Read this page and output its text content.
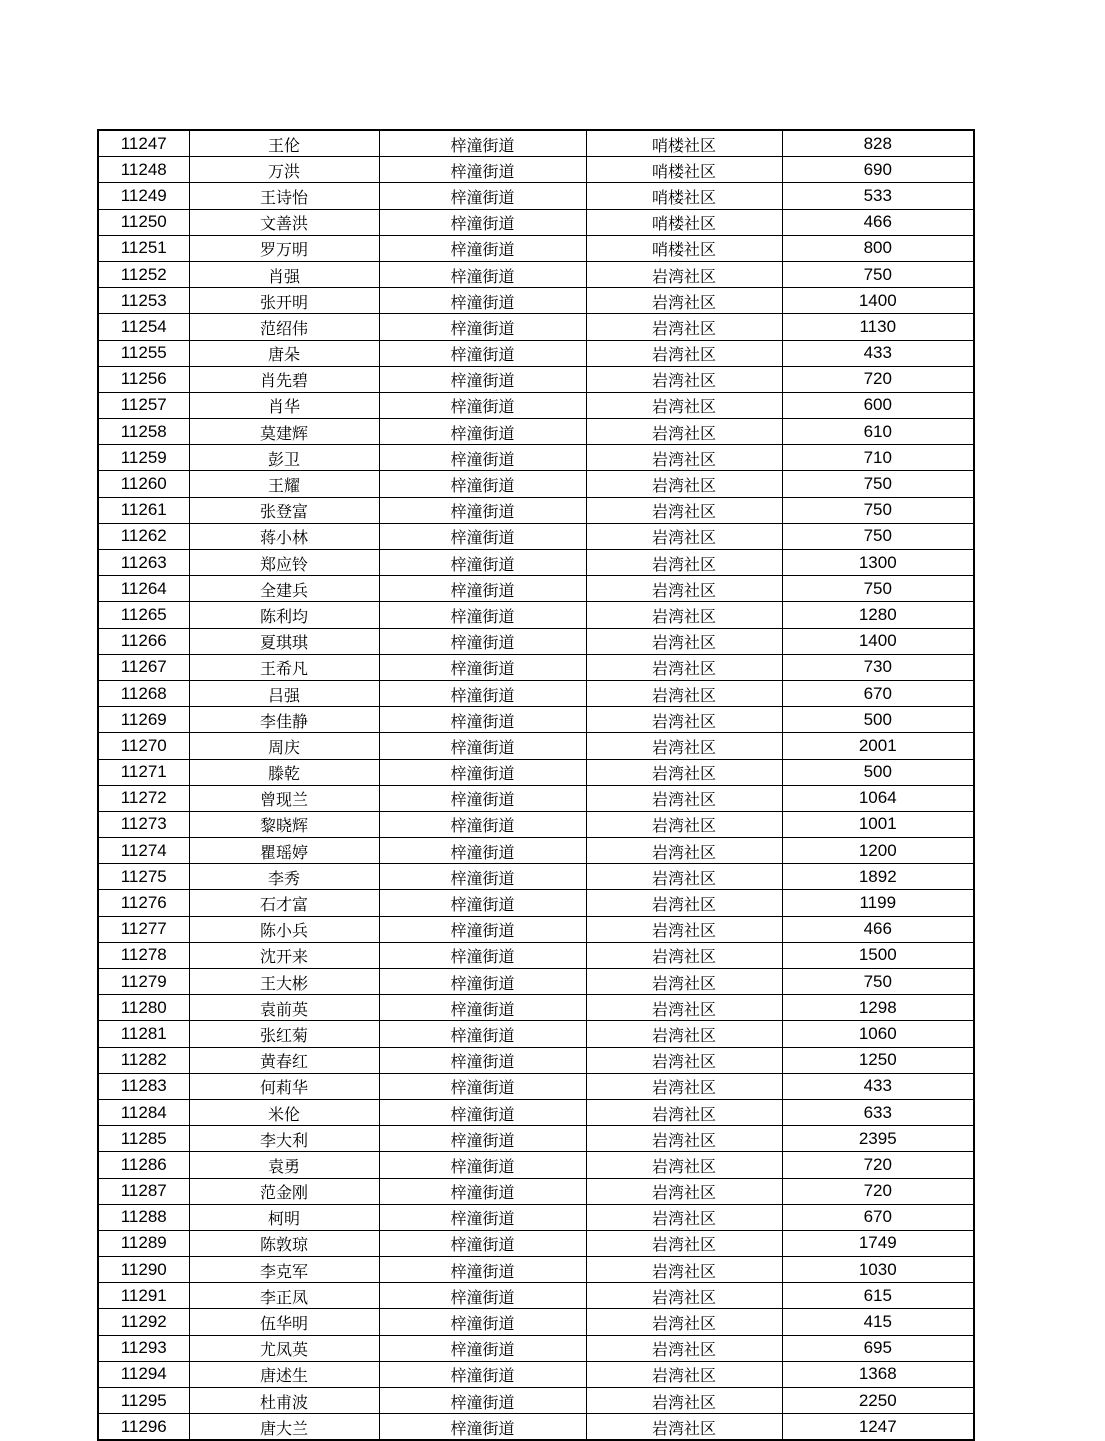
11247	王伦	梓潼街道	哨楼社区	828
11248	万洪	梓潼街道	哨楼社区	690
11249	王诗怡	梓潼街道	哨楼社区	533
11250	文善洪	梓潼街道	哨楼社区	466
11251	罗万明	梓潼街道	哨楼社区	800
11252	肖强	梓潼街道	岩湾社区	750
11253	张开明	梓潼街道	岩湾社区	1400
11254	范绍伟	梓潼街道	岩湾社区	1130
11255	唐朵	梓潼街道	岩湾社区	433
11256	肖先碧	梓潼街道	岩湾社区	720
11257	肖华	梓潼街道	岩湾社区	600
11258	莫建辉	梓潼街道	岩湾社区	610
11259	彭卫	梓潼街道	岩湾社区	710
11260	王耀	梓潼街道	岩湾社区	750
11261	张登富	梓潼街道	岩湾社区	750
11262	蒋小林	梓潼街道	岩湾社区	750
11263	郑应铃	梓潼街道	岩湾社区	1300
11264	全建兵	梓潼街道	岩湾社区	750
11265	陈利均	梓潼街道	岩湾社区	1280
11266	夏琪琪	梓潼街道	岩湾社区	1400
11267	王希凡	梓潼街道	岩湾社区	730
11268	吕强	梓潼街道	岩湾社区	670
11269	李佳静	梓潼街道	岩湾社区	500
11270	周庆	梓潼街道	岩湾社区	2001
11271	滕乾	梓潼街道	岩湾社区	500
11272	曾现兰	梓潼街道	岩湾社区	1064
11273	黎晓辉	梓潼街道	岩湾社区	1001
11274	瞿瑶婷	梓潼街道	岩湾社区	1200
11275	李秀	梓潼街道	岩湾社区	1892
11276	石才富	梓潼街道	岩湾社区	1199
11277	陈小兵	梓潼街道	岩湾社区	466
11278	沈开来	梓潼街道	岩湾社区	1500
11279	王大彬	梓潼街道	岩湾社区	750
11280	袁前英	梓潼街道	岩湾社区	1298
11281	张红菊	梓潼街道	岩湾社区	1060
11282	黄春红	梓潼街道	岩湾社区	1250
11283	何莉华	梓潼街道	岩湾社区	433
11284	米伦	梓潼街道	岩湾社区	633
11285	李大利	梓潼街道	岩湾社区	2395
11286	袁勇	梓潼街道	岩湾社区	720
11287	范金刚	梓潼街道	岩湾社区	720
11288	柯明	梓潼街道	岩湾社区	670
11289	陈敦琼	梓潼街道	岩湾社区	1749
11290	李克军	梓潼街道	岩湾社区	1030
11291	李正凤	梓潼街道	岩湾社区	615
11292	伍华明	梓潼街道	岩湾社区	415
11293	尤凤英	梓潼街道	岩湾社区	695
11294	唐述生	梓潼街道	岩湾社区	1368
11295	杜甫波	梓潼街道	岩湾社区	2250
11296	唐大兰	梓潼街道	岩湾社区	1247
